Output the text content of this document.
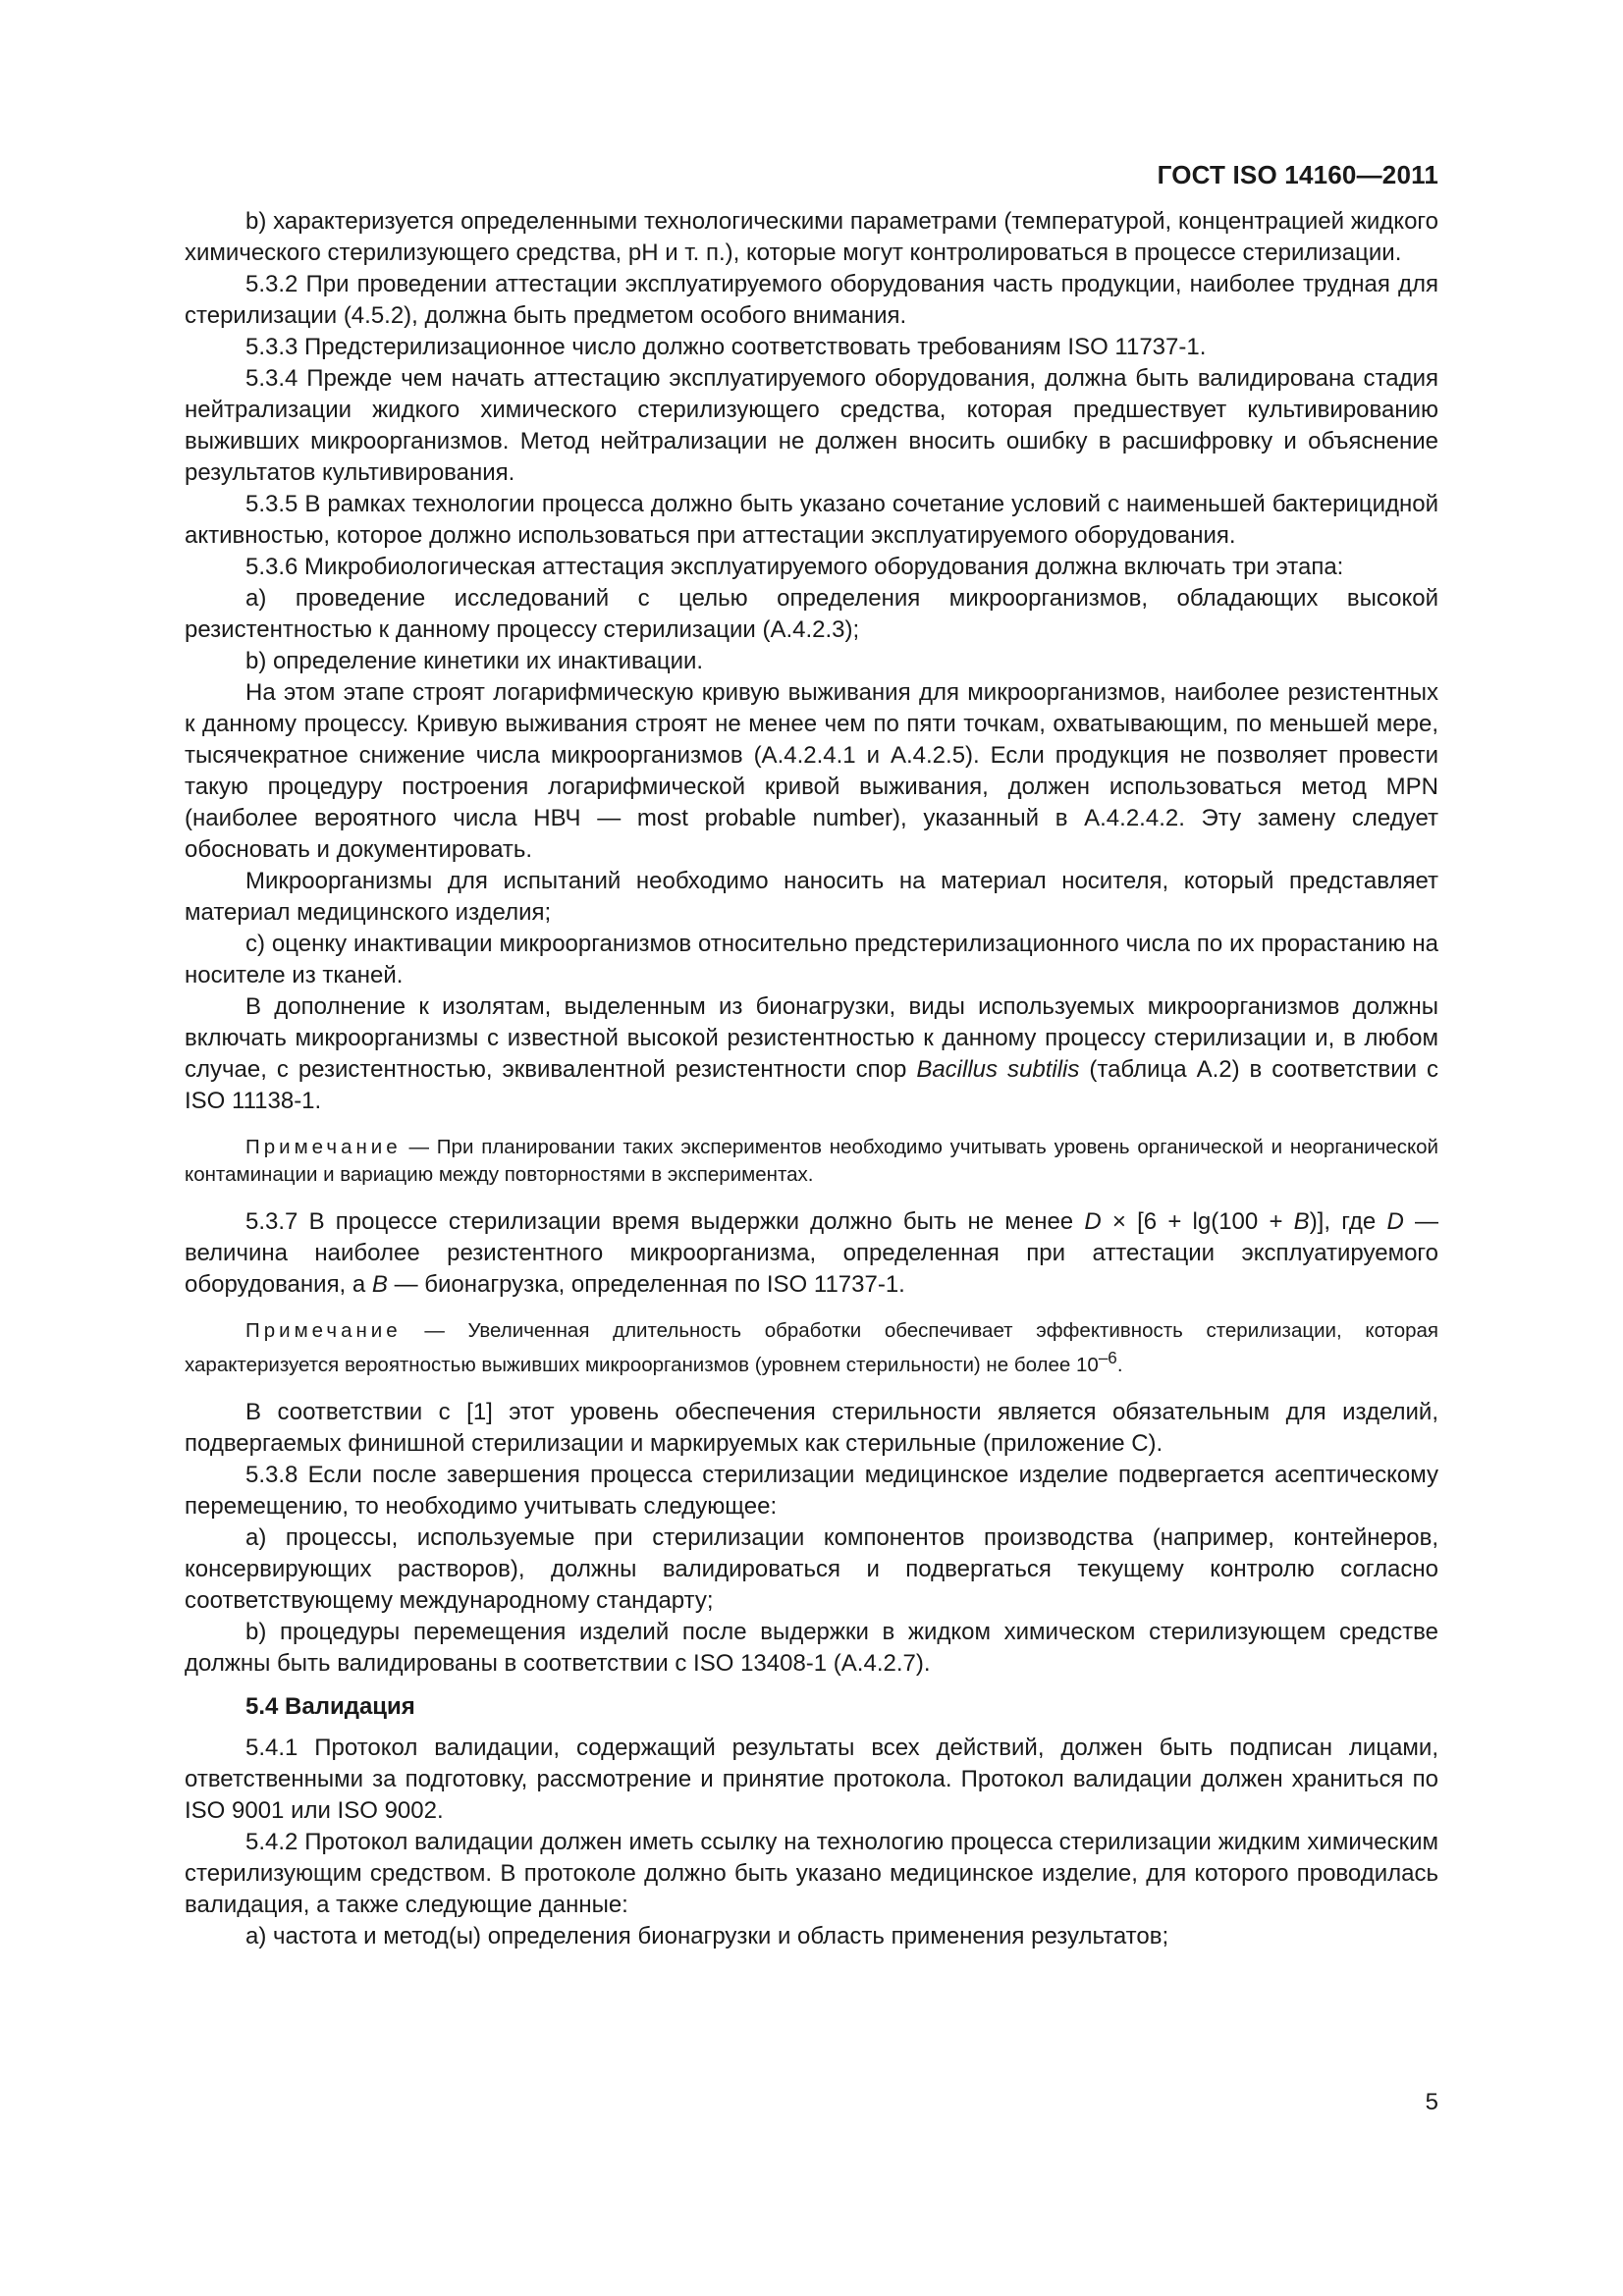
ГОСТ ISO 14160—2011

b) характеризуется определенными технологическими параметрами (температурой, концентрацией жидкого химического стерилизующего средства, pH и т. п.), которые могут контролироваться в процессе стерилизации.

5.3.2 При проведении аттестации эксплуатируемого оборудования часть продукции, наиболее трудная для стерилизации (4.5.2), должна быть предметом особого внимания.

5.3.3 Предстерилизационное число должно соответствовать требованиям ISO 11737-1.

5.3.4 Прежде чем начать аттестацию эксплуатируемого оборудования, должна быть валидирована стадия нейтрализации жидкого химического стерилизующего средства, которая предшествует культивированию выживших микроорганизмов. Метод нейтрализации не должен вносить ошибку в расшифровку и объяснение результатов культивирования.

5.3.5 В рамках технологии процесса должно быть указано сочетание условий с наименьшей бактерицидной активностью, которое должно использоваться при аттестации эксплуатируемого оборудования.

5.3.6 Микробиологическая аттестация эксплуатируемого оборудования должна включать три этапа:

а) проведение исследований с целью определения микроорганизмов, обладающих высокой резистентностью к данному процессу стерилизации (А.4.2.3);

b) определение кинетики их инактивации.

На этом этапе строят логарифмическую кривую выживания для микроорганизмов, наиболее резистентных к данному процессу. Кривую выживания строят не менее чем по пяти точкам, охватывающим, по меньшей мере, тысячекратное снижение числа микроорганизмов (А.4.2.4.1 и А.4.2.5). Если продукция не позволяет провести такую процедуру построения логарифмической кривой выживания, должен использоваться метод MPN (наиболее вероятного числа НВЧ — most probable number), указанный в А.4.2.4.2. Эту замену следует обосновать и документировать.

Микроорганизмы для испытаний необходимо наносить на материал носителя, который представляет материал медицинского изделия;

с) оценку инактивации микроорганизмов относительно предстерилизационного числа по их прорастанию на носителе из тканей.

В дополнение к изолятам, выделенным из бионагрузки, виды используемых микроорганизмов должны включать микроорганизмы с известной высокой резистентностью к данному процессу стерилизации и, в любом случае, с резистентностью, эквивалентной резистентности спор Bacillus subtilis (таблица А.2) в соответствии с ISO 11138-1.

Примечание — При планировании таких экспериментов необходимо учитывать уровень органической и неорганической контаминации и вариацию между повторностями в экспериментах.

5.3.7 В процессе стерилизации время выдержки должно быть не менее D × [6 + lg(100 + B)], где D — величина наиболее резистентного микроорганизма, определенная при аттестации эксплуатируемого оборудования, а B — бионагрузка, определенная по ISO 11737-1.

Примечание — Увеличенная длительность обработки обеспечивает эффективность стерилизации, которая характеризуется вероятностью выживших микроорганизмов (уровнем стерильности) не более $10^{-6}$.

В соответствии с [1] этот уровень обеспечения стерильности является обязательным для изделий, подвергаемых финишной стерилизации и маркируемых как стерильные (приложение С).

5.3.8 Если после завершения процесса стерилизации медицинское изделие подвергается асептическому перемещению, то необходимо учитывать следующее:

а) процессы, используемые при стерилизации компонентов производства (например, контейнеров, консервирующих растворов), должны валидироваться и подвергаться текущему контролю согласно соответствующему международному стандарту;

b) процедуры перемещения изделий после выдержки в жидком химическом стерилизующем средстве должны быть валидированы в соответствии с ISO 13408-1 (А.4.2.7).

5.4 Валидация

5.4.1 Протокол валидации, содержащий результаты всех действий, должен быть подписан лицами, ответственными за подготовку, рассмотрение и принятие протокола. Протокол валидации должен храниться по ISO 9001 или ISO 9002.

5.4.2 Протокол валидации должен иметь ссылку на технологию процесса стерилизации жидким химическим стерилизующим средством. В протоколе должно быть указано медицинское изделие, для которого проводилась валидация, а также следующие данные:

а) частота и метод(ы) определения бионагрузки и область применения результатов;

5
